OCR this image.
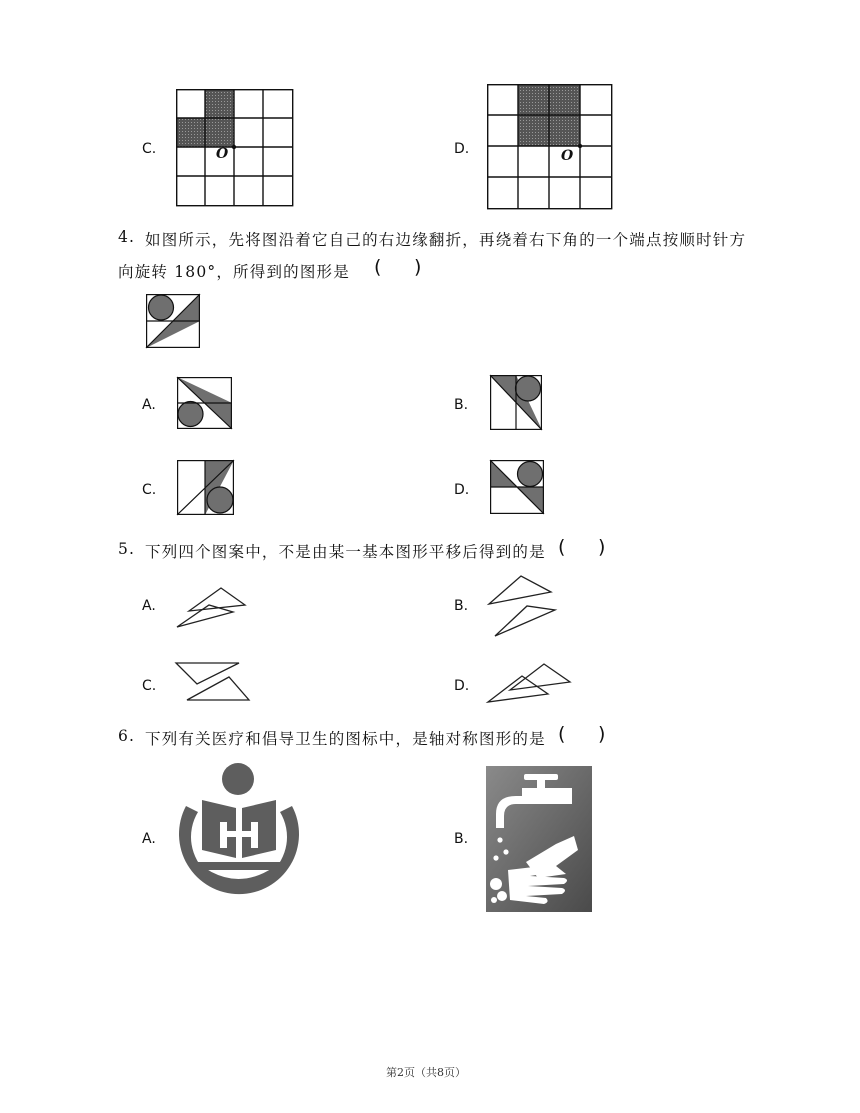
C.	O	D.	O
4. 如图所示，先将图沿着它自己的右边缘翻折，再绕着右下角的一个端点按顺时针方
向旋转 180°，所得到的图形是 ( )
A.	B.
C.	D.
5. 下列四个图案中，不是由某一基本图形平移后得到的是 ( )
A.	B.
C.	D.
6. 下列有关医疗和倡导卫生的图标中，是轴对称图形的是 ( )
A.	B.
第2页（共8页）
